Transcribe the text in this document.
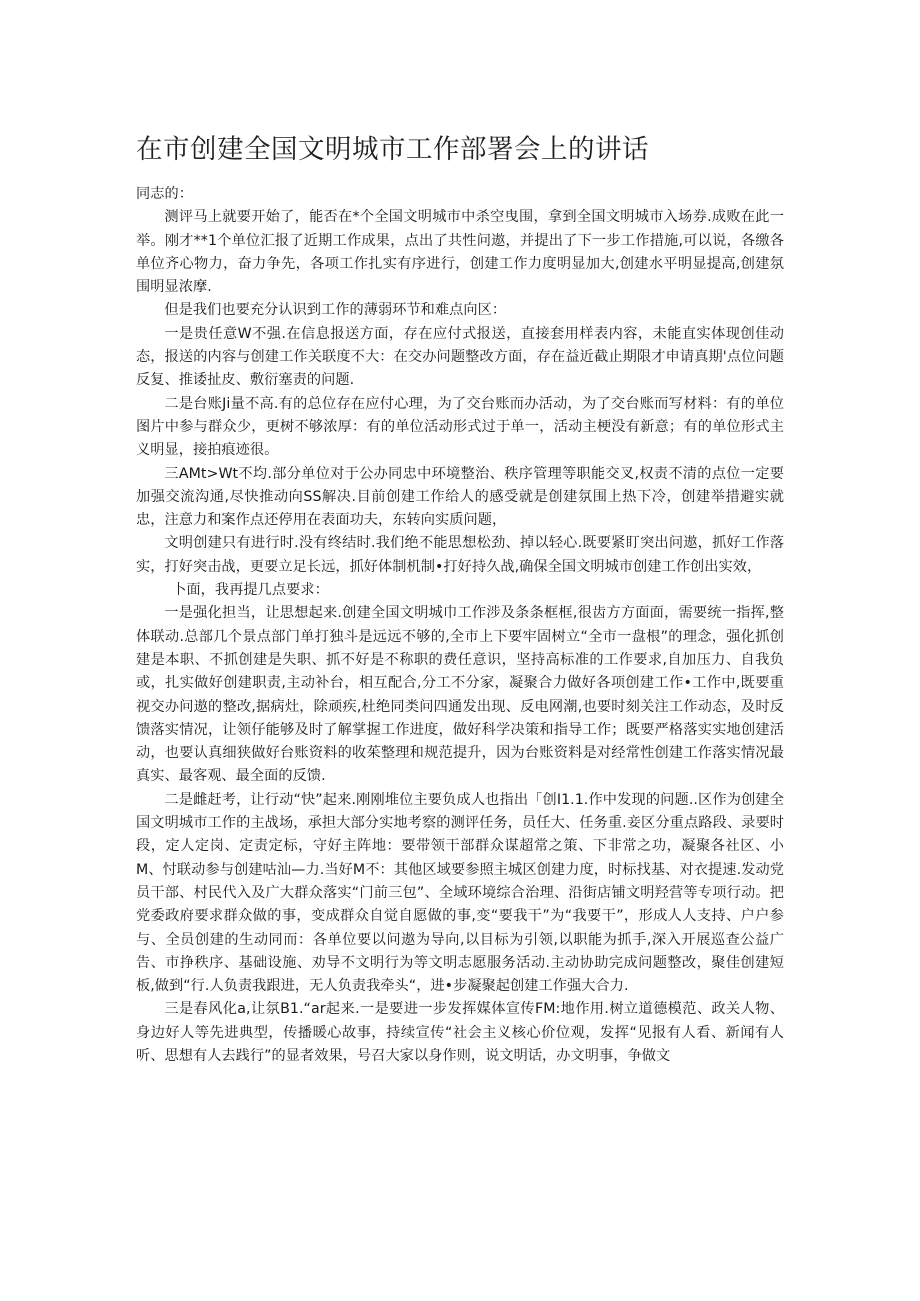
在市创建全国文明城市工作部署会上的讲话

同志的：

测评马上就要开始了，能否在*个全国文明城市中杀空曳围，拿到全国文明城市入场券.成败在此一举。刚才**1个单位汇报了近期工作成果，点出了共性问遨，并提出了下一步工作措施,可以说，各缴各单位齐心物力，奋力争先，各项工作扎实有序进行，创建工作力度明显加大,创建水平明显提高,创建氛围明显浓摩.

但是我们也要充分认识到工作的薄弱环节和难点向区：

一是贵任意W不强.在信息报送方面，存在应付式报送，直接套用样表内容，未能直实体现创佳动态，报送的内容与创建工作关联度不大：在交办问题整改方面，存在益近截止期限才申请真期'点位问题反复、推诿扯皮、敷衍塞责的问题.

二是台账Ji量不高.有的总位存在应付心理，为了交台账而办活动，为了交台账而写材料：有的单位图片中参与群众少，更树不够浓厚：有的单位活动形式过于单一，活动主梗没有新意；有的单位形式主义明显，接拍痕迹很。

三AMt>Wt不均.部分单位对于公办同忠中环境整治、秩序管理等职能交叉,权责不清的点位一定要加强交流沟通,尽快推动向SS解决.目前创建工作给人的感受就是创建氛围上热下冷，创建举措避实就忠，注意力和案作点还停用在表面功夫，东转向实质问题，

文明创建只有进行时.没有终结时.我们绝不能思想松劲、掉以轻心.既要紧盯突出问遨，抓好工作落实，打好突击战，更要立足长远，抓好体制机制•打好持久战,确保全国文明城市创建工作创出实效，

卜面，我再提几点要求：

一是强化担当，让思想起来.创建全国文明城巾工作涉及条条框框,很齿方方面面，需要统一指挥,整体联动.总部几个景点部门单打独斗是远远不够的,全市上下要牢固树立“全市一盘根”的理念，强化抓创建是本职、不抓创建是失职、抓不好是不称职的费任意识，坚持高标准的工作要求,自加压力、自我负或，扎实做好创建职责,主动补台，相互配合,分工不分家，凝聚合力做好各项创建工作•工作中,既要重视交办问遨的整改,据病灶，除顽疾,杜绝同类问四通发出现、反电网潮,也要时刻关注工作动态，及时反馈落实情况，让领仔能够及时了解掌握工作进度，做好科学决策和指导工作；既要严格落实实地创建活动，也要认真细狭做好台账资料的收茱整理和规范提升，因为台账资料是对经常性创建工作落实情况最真实、最客观、最全面的反馈.

二是雌赶考，让行动“快”起来.刚刚堆位主要负成人也指出「创I1.1.作中发现的问题..区作为创建全国文明城市工作的主战场，承担大部分实地考察的测评任务，员任大、任务重.妾区分重点路段、录要时段，定人定岗、定责定标，守好主阵地：要带领干部群众谋超常之策、下非常之功，凝聚各社区、小M、忖联动参与创建咕汕—力.当好M不：其他区域要参照主城区创建力度，时标找基、对衣提速.发动党员干部、村民代入及广大群众落实“门前三包”、全域环境综合治理、沿街店铺文明羟营等专项行动。把党委政府要求群众做的事，变成群众自觉自愿做的事,变“要我干”为“我要干”，形成人人支持、户户参与、全员创建的生动同而：各单位要以问遨为导向,以目标为引领,以职能为抓手,深入开展巡查公益广告、市挣秩序、基础设施、劝导不文明行为等文明志愿服务活动.主动协助完成问题整改，聚佳创建短板,做到“行.人负责我跟进，无人负责我牵头“，进•步凝聚起创建工作强大合力.

三是春风化a,让氛B1.“ar起来.一是要进一步发挥媒体宣传FM:地作用.树立道德模范、政关人物、身边好人等先进典型，传播暖心故事，持续宣传“社会主义核心价位观，发挥“见报有人看、新闻有人听、思想有人去践行”的显者效果，号召大家以身作则，说文明话，办文明事，争做文
